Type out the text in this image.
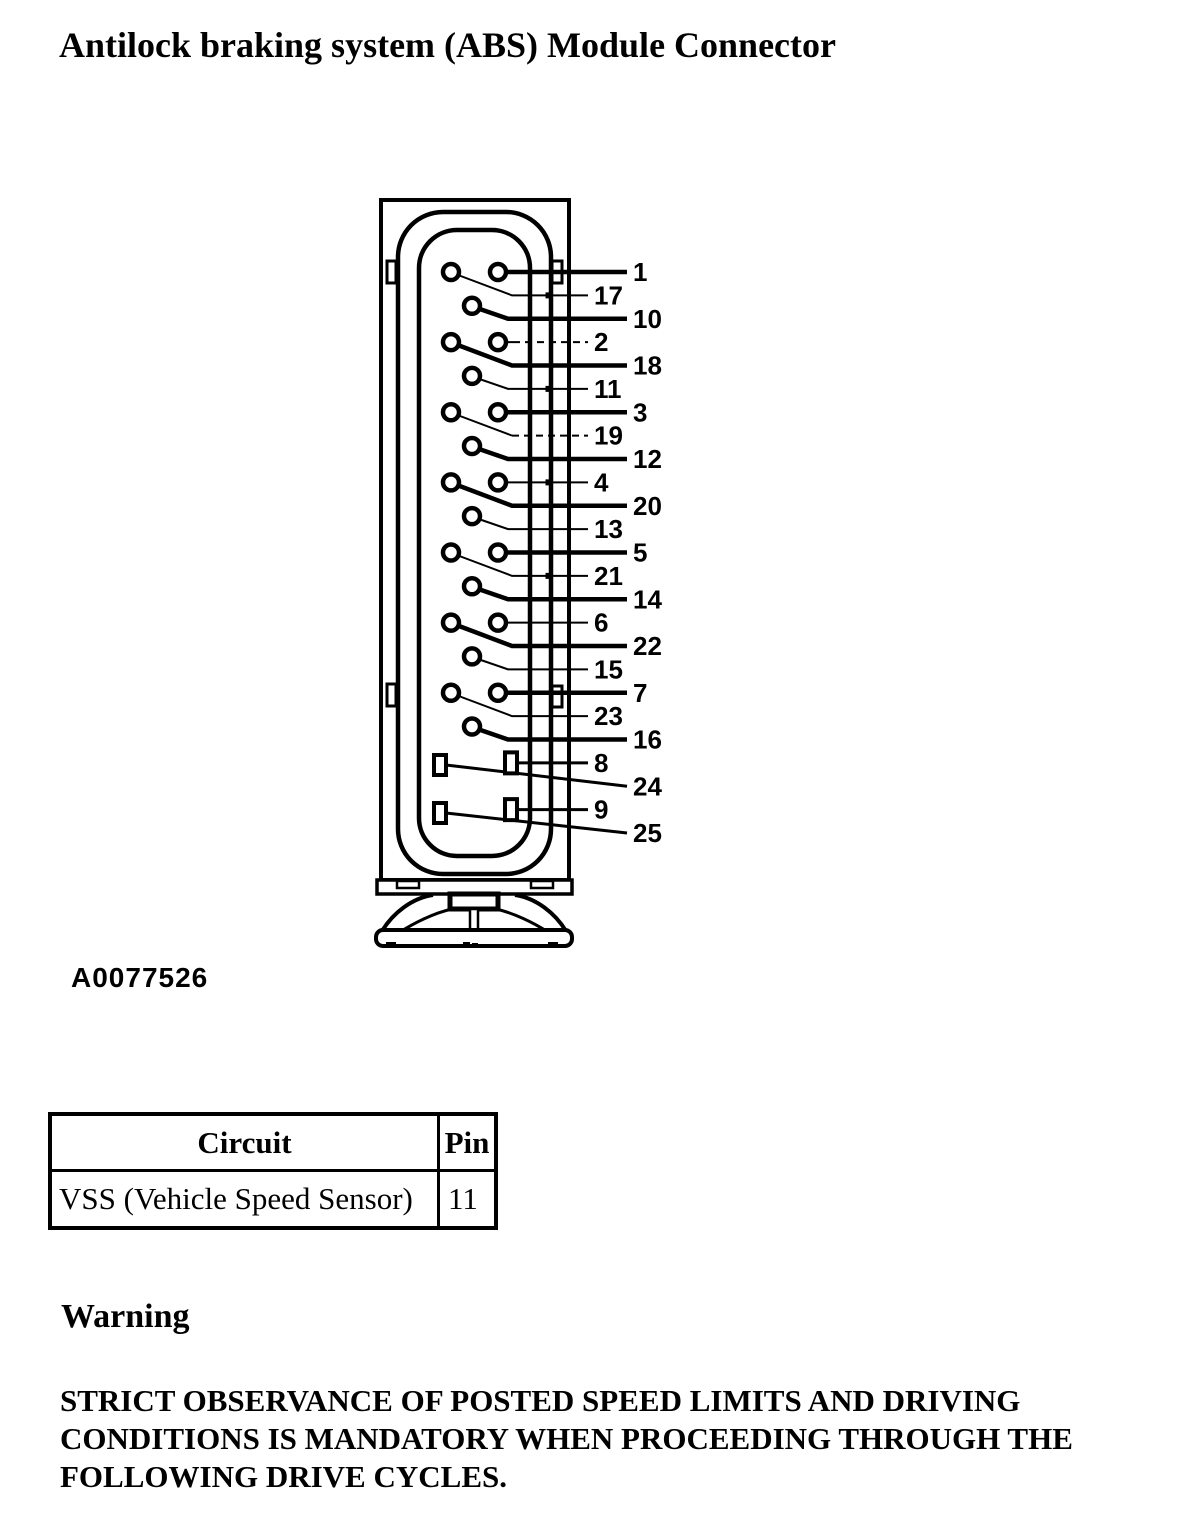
Antilock braking system (ABS) Module Connector
1
17
10
2
18
11
3
19
12
4
20
13
5
21
14
6
22
15
7
23
16
8
24
9
25
A0077526
Circuit	Pin
VSS (Vehicle Speed Sensor)	11
Warning
STRICT OBSERVANCE OF POSTED SPEED LIMITS AND DRIVING
CONDITIONS IS MANDATORY WHEN PROCEEDING THROUGH THE
FOLLOWING DRIVE CYCLES.
